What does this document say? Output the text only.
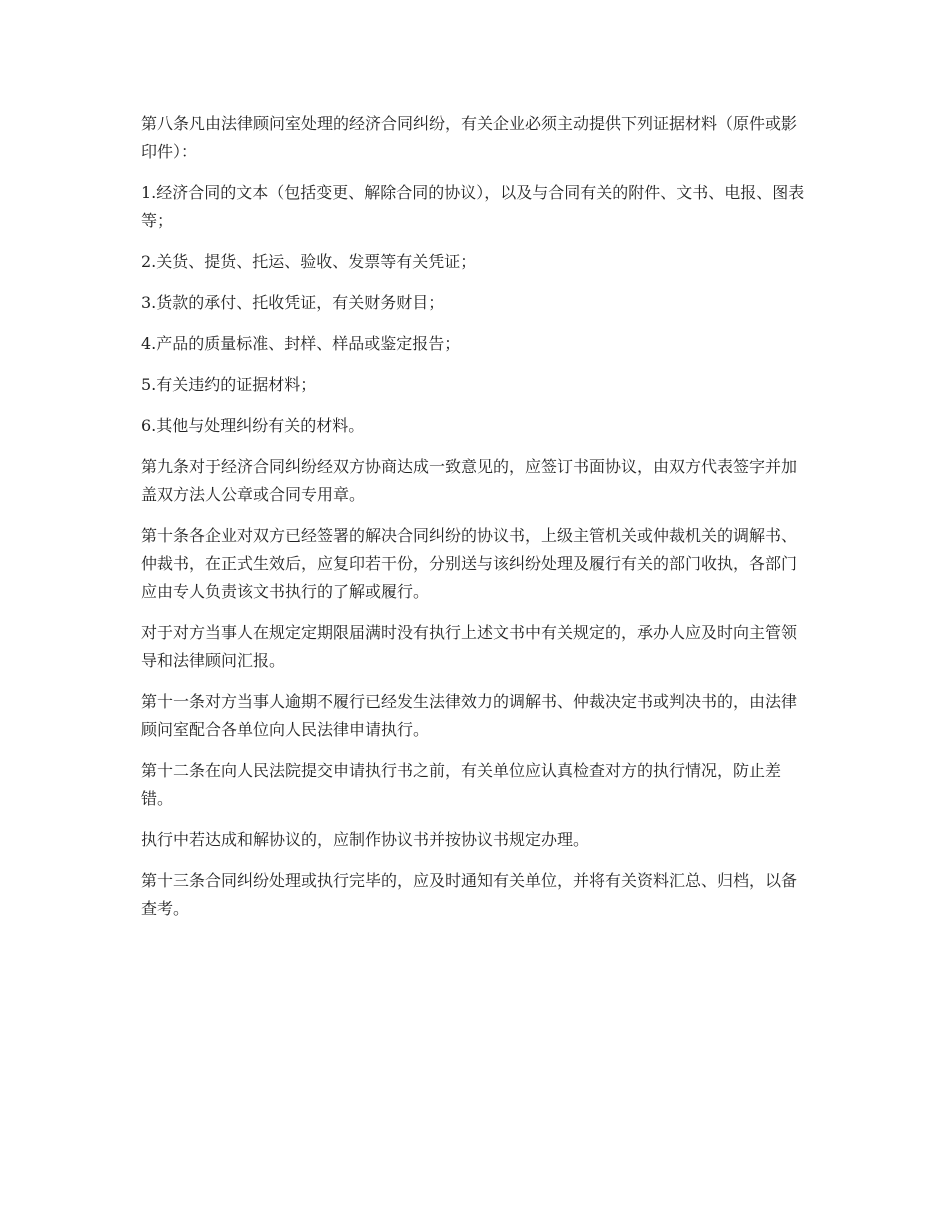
第八条凡由法律顾问室处理的经济合同纠纷，有关企业必须主动提供下列证据材料（原件或影印件）：

1.经济合同的文本（包括变更、解除合同的协议），以及与合同有关的附件、文书、电报、图表等；

2.关货、提货、托运、验收、发票等有关凭证；

3.货款的承付、托收凭证，有关财务财目；

4.产品的质量标准、封样、样品或鉴定报告；

5.有关违约的证据材料；

6.其他与处理纠纷有关的材料。

第九条对于经济合同纠纷经双方协商达成一致意见的，应签订书面协议，由双方代表签字并加盖双方法人公章或合同专用章。

第十条各企业对双方已经签署的解决合同纠纷的协议书，上级主管机关或仲裁机关的调解书、仲裁书，在正式生效后，应复印若干份，分别送与该纠纷处理及履行有关的部门收执，各部门应由专人负责该文书执行的了解或履行。

对于对方当事人在规定定期限届满时没有执行上述文书中有关规定的，承办人应及时向主管领导和法律顾问汇报。

第十一条对方当事人逾期不履行已经发生法律效力的调解书、仲裁决定书或判决书的，由法律顾问室配合各单位向人民法律申请执行。

第十二条在向人民法院提交申请执行书之前，有关单位应认真检查对方的执行情况，防止差错。

执行中若达成和解协议的，应制作协议书并按协议书规定办理。

第十三条合同纠纷处理或执行完毕的，应及时通知有关单位，并将有关资料汇总、归档，以备查考。
